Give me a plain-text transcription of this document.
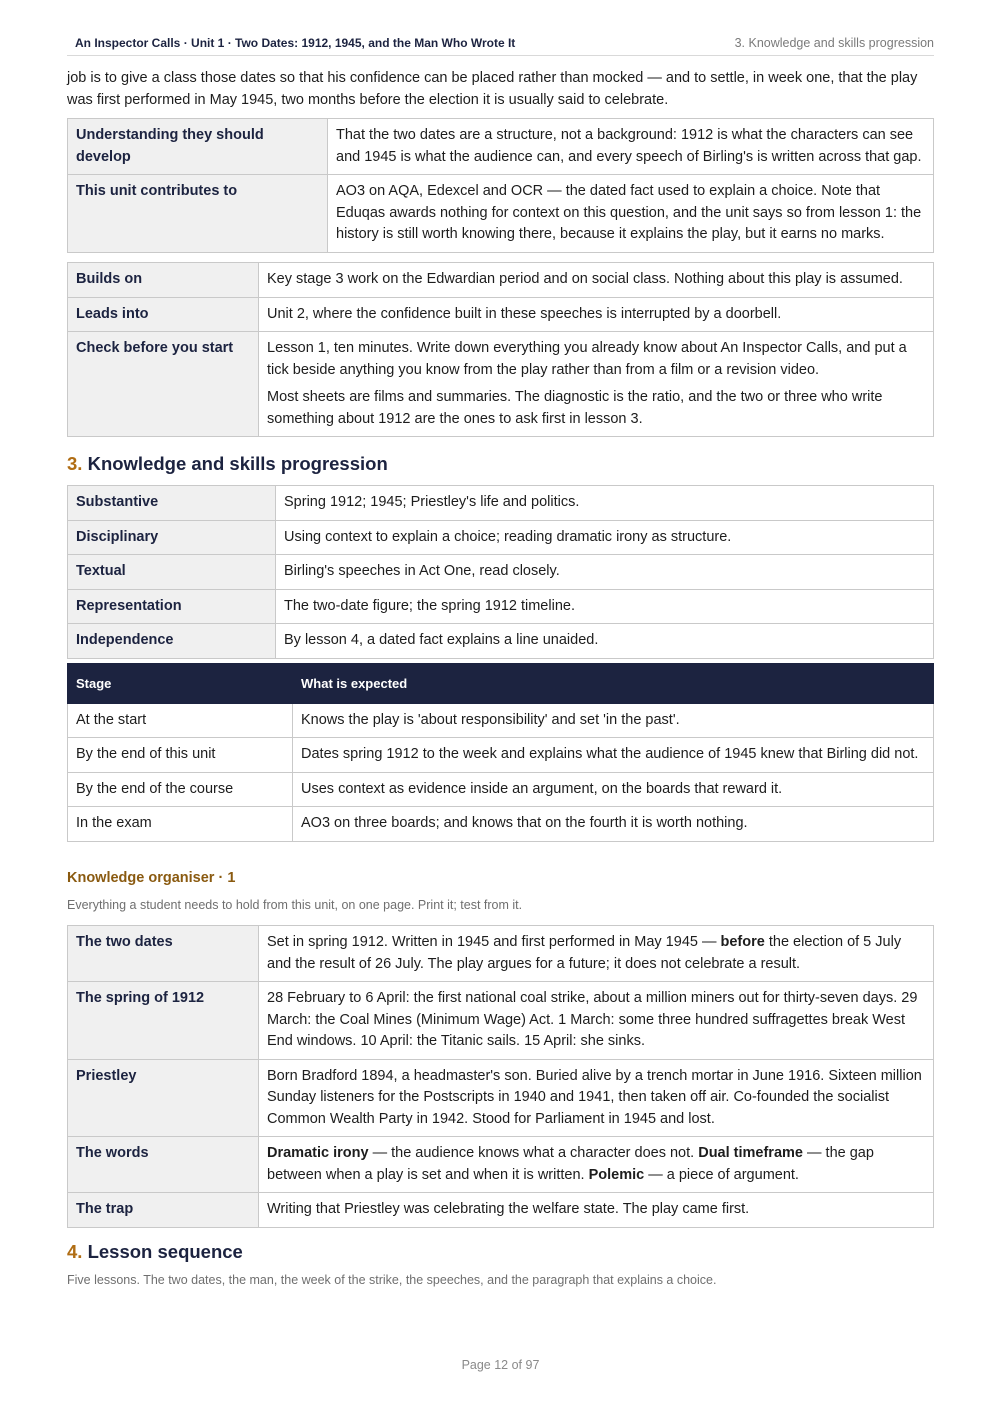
An Inspector Calls · Unit 1 · Two Dates: 1912, 1945, and the Man Who Wrote It	3. Knowledge and skills progression

job is to give a class those dates so that his confidence can be placed rather than mocked — and to settle, in week one, that the play was first performed in May 1945, two months before the election it is usually said to celebrate.

Understanding they should develop	That the two dates are a structure, not a background: 1912 is what the characters can see and 1945 is what the audience can, and every speech of Birling's is written across that gap.
This unit contributes to	AO3 on AQA, Edexcel and OCR — the dated fact used to explain a choice. Note that Eduqas awards nothing for context on this question, and the unit says so from lesson 1: the history is still worth knowing there, because it explains the play, but it earns no marks.
Builds on	Key stage 3 work on the Edwardian period and on social class. Nothing about this play is assumed.
Leads into	Unit 2, where the confidence built in these speeches is interrupted by a doorbell.
Check before you start	Lesson 1, ten minutes. Write down everything you already know about An Inspector Calls, and put a tick beside anything you know from the play rather than from a film or a revision video.

Most sheets are films and summaries. The diagnostic is the ratio, and the two or three who write something about 1912 are the ones to ask first in lesson 3.

3. Knowledge and skills progression
Substantive	Spring 1912; 1945; Priestley's life and politics.
Disciplinary	Using context to explain a choice; reading dramatic irony as structure.
Textual	Birling's speeches in Act One, read closely.
Representation	The two-date figure; the spring 1912 timeline.
Independence	By lesson 4, a dated fact explains a line unaided.
Stage	What is expected
At the start	Knows the play is 'about responsibility' and set 'in the past'.
By the end of this unit	Dates spring 1912 to the week and explains what the audience of 1945 knew that Birling did not.
By the end of the course	Uses context as evidence inside an argument, on the boards that reward it.
In the exam	AO3 on three boards; and knows that on the fourth it is worth nothing.
Knowledge organiser · 1

Everything a student needs to hold from this unit, on one page. Print it; test from it.

The two dates	Set in spring 1912. Written in 1945 and first performed in May 1945 — before the election of 5 July and the result of 26 July. The play argues for a future; it does not celebrate a result.
The spring of 1912	28 February to 6 April: the first national coal strike, about a million miners out for thirty-seven days. 29 March: the Coal Mines (Minimum Wage) Act. 1 March: some three hundred suffragettes break West End windows. 10 April: the Titanic sails. 15 April: she sinks.
Priestley	Born Bradford 1894, a headmaster's son. Buried alive by a trench mortar in June 1916. Sixteen million Sunday listeners for the Postscripts in 1940 and 1941, then taken off air. Co-founded the socialist Common Wealth Party in 1942. Stood for Parliament in 1945 and lost.
The words	Dramatic irony — the audience knows what a character does not. Dual timeframe — the gap between when a play is set and when it is written. Polemic — a piece of argument.
The trap	Writing that Priestley was celebrating the welfare state. The play came first.
4. Lesson sequence

Five lessons. The two dates, the man, the week of the strike, the speeches, and the paragraph that explains a choice.

Page 12 of 97
